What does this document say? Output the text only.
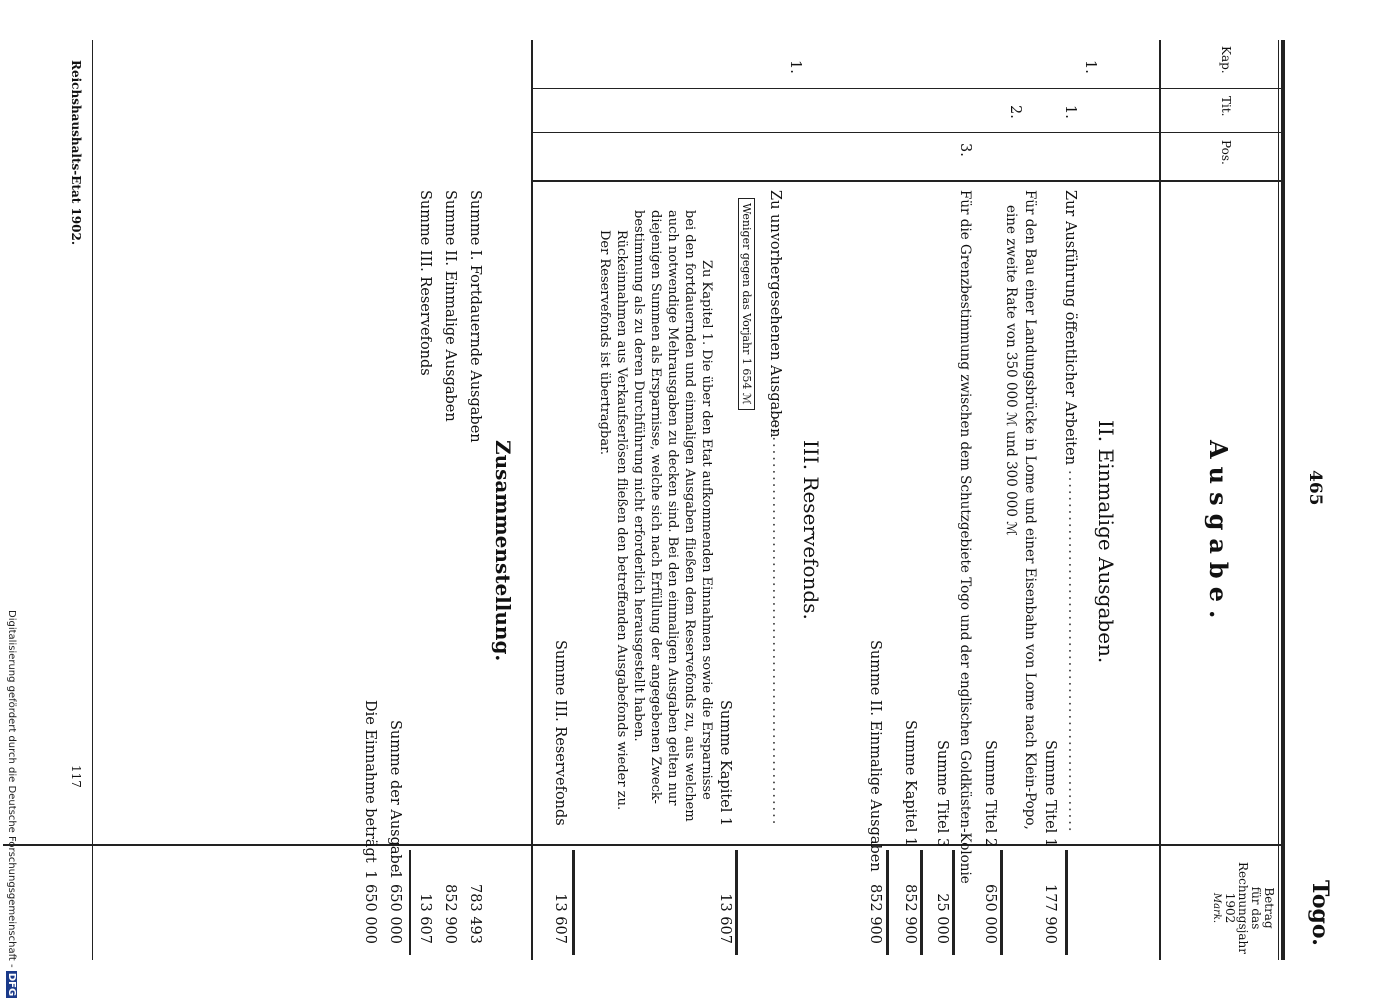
465
Togo.
Kap.
Tit.
Pos.
Ausgabe.
Betrag
für das
Rechnungsjahr
1902
Mark.
II. Einmalige Ausgaben.
1.
1.
Zur Ausführung öffentlicher Arbeiten
.......................................................
Summe Titel 1
177 900
2.
Für den Bau einer Landungsbrücke in Lome und einer Eisenbahn von Lome nach Klein-Popo,
eine zweite Rate von 350 000 ℳ und 300 000 ℳ
Summe Titel 2
650 000
3.
Für die Grenzbestimmung zwischen dem Schutzgebiete Togo und der englischen Goldküsten-Kolonie
Summe Titel 3
25 000
Summe Kapitel 1
852 900
Summe II. Einmalige Ausgaben
852 900
III. Reservefonds.
1.
Zu unvorhergesehenen Ausgaben
...............................................................
Weniger gegen das Vorjahr 1 654 ℳ
Summe Kapitel 1
13 607
Zu Kapitel 1. Die über den Etat aufkommenden Einnahmen sowie die Ersparnisse
bei den fortdauernden und einmaligen Ausgaben fließen dem Reservefonds zu, aus welchem
auch notwendige Mehrausgaben zu decken sind. Bei den einmaligen Ausgaben gelten nur
diejenigen Summen als Ersparnisse, welche sich nach Erfüllung der angegebenen Zweck-
bestimmung als zu deren Durchführung nicht erforderlich herausgestellt haben.
Rückeinnahmen aus Verkaufserlösen fließen den betreffenden Ausgabefonds wieder zu.
Der Reservefonds ist übertragbar.
Summe III. Reservefonds
13 607
Zusammenstellung.
Summe I. Fortdauernde Ausgaben
783 493
Summe II. Einmalige Ausgaben
852 900
Summe III. Reservefonds
13 607
Summe der Ausgabe
1 650 000
Die Einnahme beträgt
1 650 000
Reichshaushalts-Etat 1902.
117
Digitalisierung gefördert durch die Deutsche Forschungsgemeinschaft - DFG
